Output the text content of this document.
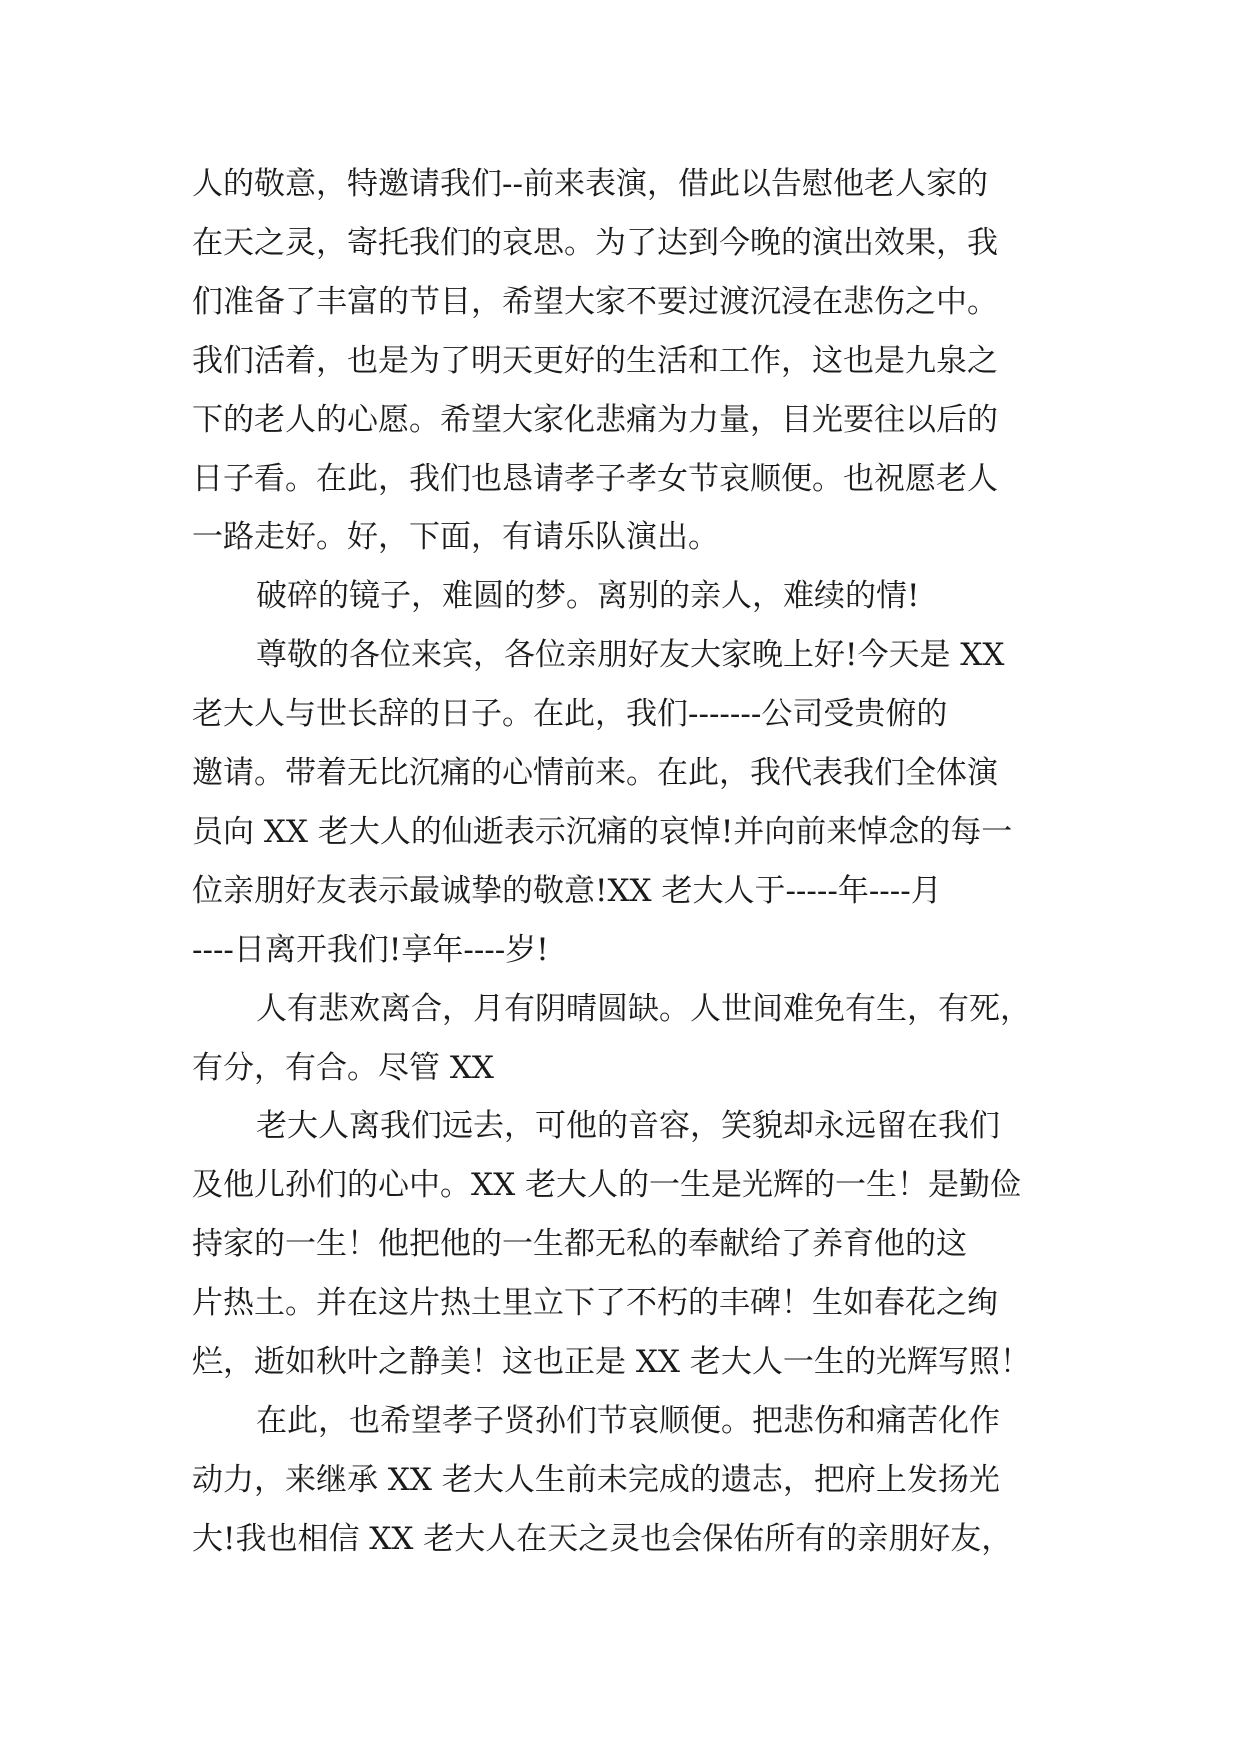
人的敬意，特邀请我们--前来表演，借此以告慰他老人家的
在天之灵，寄托我们的哀思。为了达到今晚的演出效果，我
们准备了丰富的节目，希望大家不要过渡沉浸在悲伤之中。
我们活着，也是为了明天更好的生活和工作，这也是九泉之
下的老人的心愿。希望大家化悲痛为力量，目光要往以后的
日子看。在此，我们也恳请孝子孝女节哀顺便。也祝愿老人
一路走好。好，下面，有请乐队演出。
破碎的镜子，难圆的梦。离别的亲人，难续的情!
尊敬的各位来宾，各位亲朋好友大家晚上好!今天是 XX
老大人与世长辞的日子。在此，我们-------公司受贵俯的
邀请。带着无比沉痛的心情前来。在此，我代表我们全体演
员向 XX 老大人的仙逝表示沉痛的哀悼!并向前来悼念的每一
位亲朋好友表示最诚挚的敬意!XX 老大人于-----年----月
----日离开我们!享年----岁!
人有悲欢离合，月有阴晴圆缺。人世间难免有生，有死，
有分，有合。尽管 XX
老大人离我们远去，可他的音容，笑貌却永远留在我们
及他儿孙们的心中。XX 老大人的一生是光辉的一生！是勤俭
持家的一生！他把他的一生都无私的奉献给了养育他的这
片热土。并在这片热土里立下了不朽的丰碑！生如春花之绚
烂，逝如秋叶之静美！这也正是 XX 老大人一生的光辉写照！
在此，也希望孝子贤孙们节哀顺便。把悲伤和痛苦化作
动力，来继承 XX 老大人生前未完成的遗志，把府上发扬光
大!我也相信 XX 老大人在天之灵也会保佑所有的亲朋好友，
